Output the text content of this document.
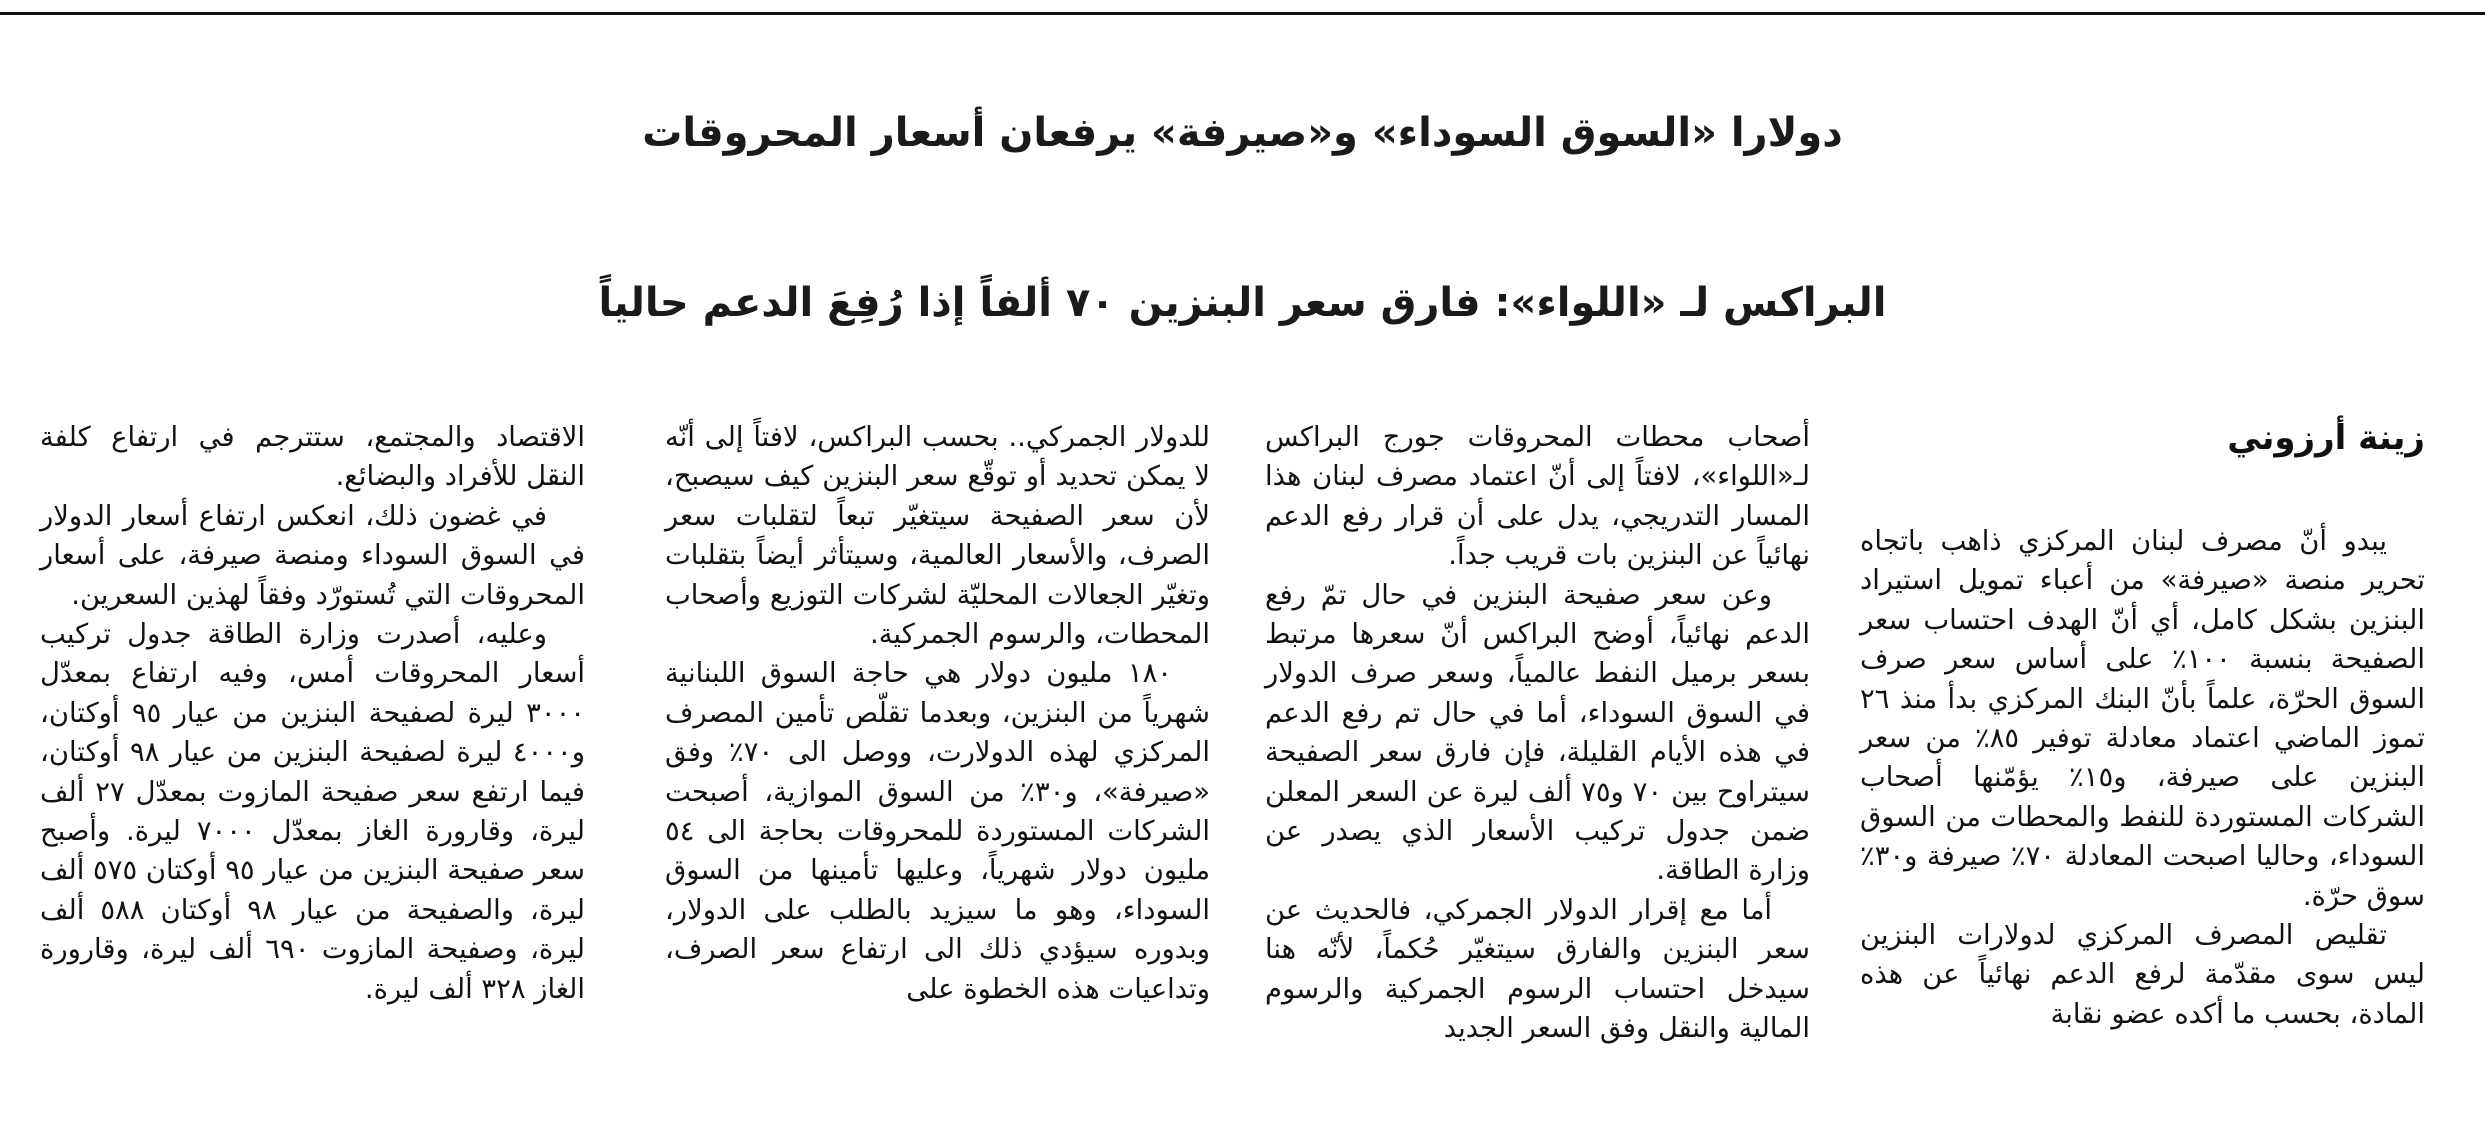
دولارا «السوق السوداء» و«صيرفة» يرفعان أسعار المحروقات
البراكس لـ «اللواء»: فارق سعر البنزين ٧٠ ألفاً إذا رُفِعَ الدعم حالياً
زينة أرزوني

يبدو أنّ مصرف لبنان المركزي ذاهب باتجاه تحرير منصة «صيرفة» من أعباء تمويل استيراد البنزين بشكل كامل، أي أنّ الهدف احتساب سعر الصفيحة بنسبة ١٠٠٪ على أساس سعر صرف السوق الحرّة، علماً بأنّ البنك المركزي بدأ منذ ٢٦ تموز الماضي اعتماد معادلة توفير ٨٥٪ من سعر البنزين على صيرفة، و١٥٪ يؤمّنها أصحاب الشركات المستوردة للنفط والمحطات من السوق السوداء، وحاليا اصبحت المعادلة ٧٠٪ صيرفة و٣٠٪ سوق حرّة.

تقليص المصرف المركزي لدولارات البنزين ليس سوى مقدّمة لرفع الدعم نهائياً عن هذه المادة، بحسب ما أكده عضو نقابة

أصحاب محطات المحروقات جورج البراكس لـ«اللواء»، لافتاً إلى أنّ اعتماد مصرف لبنان هذا المسار التدريجي، يدل على أن قرار رفع الدعم نهائياً عن البنزين بات قريب جداً.

وعن سعر صفيحة البنزين في حال تمّ رفع الدعم نهائياً، أوضح البراكس أنّ سعرها مرتبط بسعر برميل النفط عالمياً، وسعر صرف الدولار في السوق السوداء، أما في حال تم رفع الدعم في هذه الأيام القليلة، فإن فارق سعر الصفيحة سيتراوح بين ٧٠ و٧٥ ألف ليرة عن السعر المعلن ضمن جدول تركيب الأسعار الذي يصدر عن وزارة الطاقة.

أما مع إقرار الدولار الجمركي، فالحديث عن سعر البنزين والفارق سيتغيّر حُكماً، لأنّه هنا سيدخل احتساب الرسوم الجمركية والرسوم المالية والنقل وفق السعر الجديد

للدولار الجمركي.. بحسب البراكس، لافتاً إلى أنّه لا يمكن تحديد أو توقّع سعر البنزين كيف سيصبح، لأن سعر الصفيحة سيتغيّر تبعاً لتقلبات سعر الصرف، والأسعار العالمية، وسيتأثر أيضاً بتقلبات وتغيّر الجعالات المحليّة لشركات التوزيع وأصحاب المحطات، والرسوم الجمركية.

١٨٠ مليون دولار هي حاجة السوق اللبنانية شهرياً من البنزين، وبعدما تقلّص تأمين المصرف المركزي لهذه الدولارت، ووصل الى ٧٠٪ وفق «صيرفة»، و٣٠٪ من السوق الموازية، أصبحت الشركات المستوردة للمحروقات بحاجة الى ٥٤ مليون دولار شهرياً، وعليها تأمينها من السوق السوداء، وهو ما سيزيد بالطلب على الدولار، وبدوره سيؤدي ذلك الى ارتفاع سعر الصرف، وتداعيات هذه الخطوة على

الاقتصاد والمجتمع، ستترجم في ارتفاع كلفة النقل للأفراد والبضائع.

في غضون ذلك، انعكس ارتفاع أسعار الدولار في السوق السوداء ومنصة صيرفة، على أسعار المحروقات التي تُستورّد وفقاً لهذين السعرين.

وعليه، أصدرت وزارة الطاقة جدول تركيب أسعار المحروقات أمس، وفيه ارتفاع بمعدّل ٣٠٠٠ ليرة لصفيحة البنزين من عيار ٩٥ أوكتان، و٤٠٠٠ ليرة لصفيحة البنزين من عيار ٩٨ أوكتان، فيما ارتفع سعر صفيحة المازوت بمعدّل ٢٧ ألف ليرة، وقارورة الغاز بمعدّل ٧٠٠٠ ليرة. وأصبح سعر صفيحة البنزين من عيار ٩٥ أوكتان ٥٧٥ ألف ليرة، والصفيحة من عيار ٩٨ أوكتان ٥٨٨ ألف ليرة، وصفيحة المازوت ٦٩٠ ألف ليرة، وقارورة الغاز ٣٢٨ ألف ليرة.
